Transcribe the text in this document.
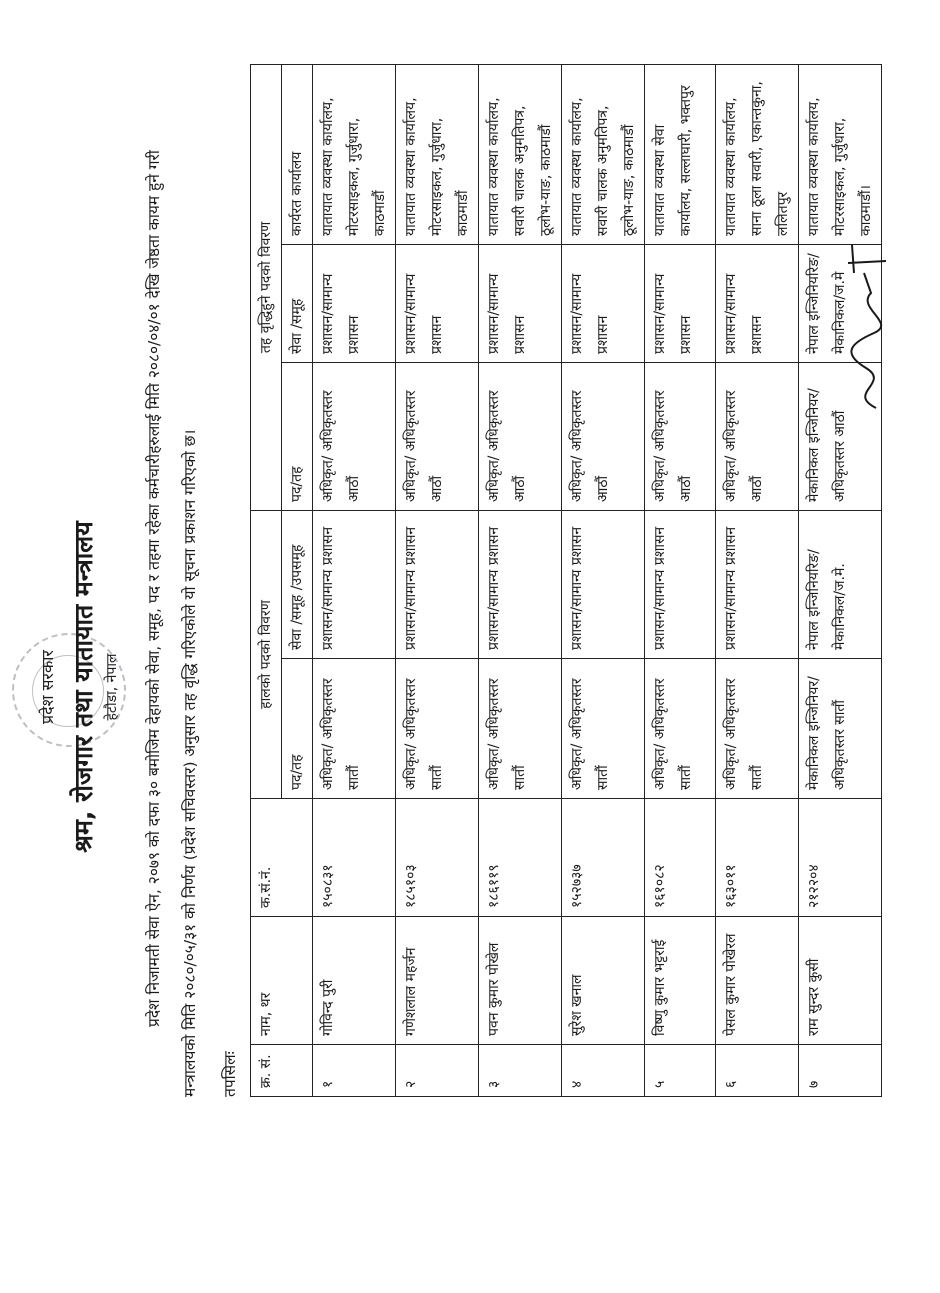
प्रदेश सरकार श्रम, रोजगार तथा यातायात मन्त्रालय हेटौडा, नेपाल	प्रदेश निजामती सेवा ऐन, २०७९ को दफा ३० बमोजिम देहायको सेवा, समूह, पद र तहमा रहेका कर्मचारीहरुलाई मिति २०८०/०४/०१ देखि जेष्ठता कायम हुने गरी मन्त्रालयको मिति २०८०/०५/३१ को निर्णय (प्रदेश सचिवस्तर) अनुसार तह वृद्धि गरिएकोले यो सूचना प्रकाशन गरिएको छ।	तपसिलः क्र. सं.	नाम, थर	क.सं.नं.	हालको पदको विवरण		तह वृद्धिहुने पदको विवरण		
			पद/तह	सेवा /समूह /उपसमूह	पद/तह	सेवा /समूह	कार्यरत कार्यालय
१	गोविन्द पुरी	१५०८३१	अधिकृत/ अधिकृतस्तर सातौं	प्रशासन/सामान्य प्रशासन	अधिकृत/ अधिकृतस्तर आठौं	प्रशासन/सामान्य प्रशासन	यातायात व्यवस्था कार्यालय, मोटरसाइकल, गुर्जुधारा, काठमाडौं
२	गणेशलाल महर्जन	१८५१०३	अधिकृत/ अधिकृतस्तर सातौं	प्रशासन/सामान्य प्रशासन	अधिकृत/ अधिकृतस्तर आठौं	प्रशासन/सामान्य प्रशासन	यातायात व्यवस्था कार्यालय, मोटरसाइकल, गुर्जुधारा, काठमाडौं
३	पवन कुमार पोखेल	१८६११९	अधिकृत/ अधिकृतस्तर सातौं	प्रशासन/सामान्य प्रशासन	अधिकृत/ अधिकृतस्तर आठौं	प्रशासन/सामान्य प्रशासन	यातायात व्यवस्था कार्यालय, सवारी चालक अनुमतिपत्र, ठूलोभ-याङ, काठमाडौं
४	सुरेश खनाल	१५२७३७	अधिकृत/ अधिकृतस्तर सातौं	प्रशासन/सामान्य प्रशासन	अधिकृत/ अधिकृतस्तर आठौं	प्रशासन/सामान्य प्रशासन	यातायात व्यवस्था कार्यालय, सवारी चालक अनुमतिपत्र, ठूलोभ-याङ, काठमाडौं
५	विष्णु कुमार भट्टराई	१६१०८२	अधिकृत/ अधिकृतस्तर सातौं	प्रशासन/सामान्य प्रशासन	अधिकृत/ अधिकृतस्तर आठौं	प्रशासन/सामान्य प्रशासन	यातायात व्यवस्था सेवा कार्यालय, सल्लाघारी, भक्तपुर
६	पेसल कुमार पोखेरल	१६३०११	अधिकृत/ अधिकृतस्तर सातौं	प्रशासन/सामान्य प्रशासन	अधिकृत/ अधिकृतस्तर आठौं	प्रशासन/सामान्य प्रशासन	यातायात व्यवस्था कार्यालय, साना ठूला सवारी, एकान्तकुना, ललितपुर
७	राम सुन्दर कुसी	२१२२०४	मेकानिकल इन्जिनियर/ अधिकृतस्तर सातौं	नेपाल इन्जिनियरिङ/ मेकानिकल/ज.मे.	मेकानिकल इन्जिनियर/ अधिकृतस्तर आठौं	नेपाल इन्जिनियरिङ/ मेकानिकल/ज.मे	यातायात व्यवस्था कार्यालय, मोटरसाइकल, गुर्जुधारा, काठमाडौं।
